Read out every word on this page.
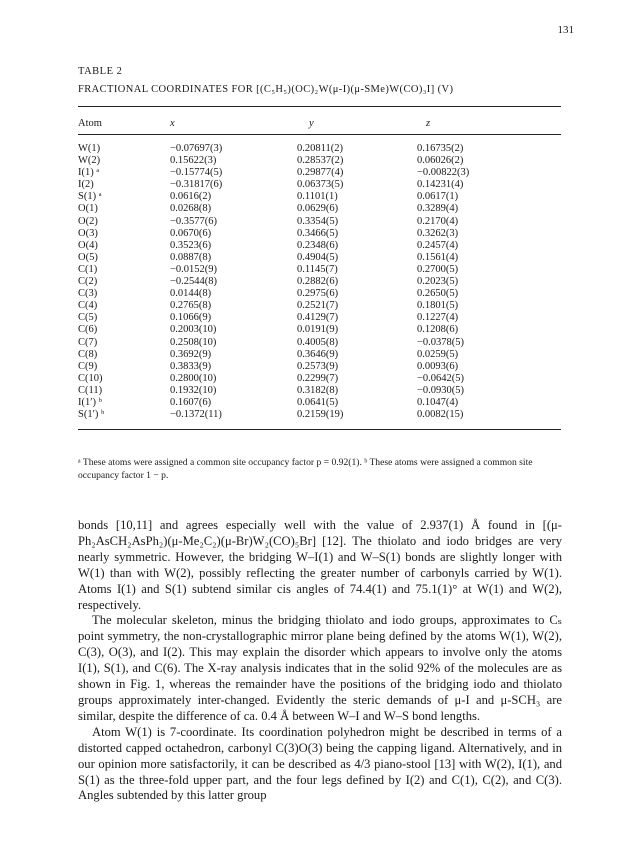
131
TABLE 2
FRACTIONAL COORDINATES FOR [(C₅H₅)(OC)₂W(μ-I)(μ-SMe)W(CO)₃I] (V)
Atom	x	y	z
W(1)	−0.07697(3)	0.20811(2)	0.16735(2)
W(2)	0.15622(3)	0.28537(2)	0.06026(2)
I(1) ᵃ	−0.15774(5)	0.29877(4)	−0.00822(3)
I(2)	−0.31817(6)	0.06373(5)	0.14231(4)
S(1) ᵃ	0.0616(2)	0.1101(1)	0.0617(1)
O(1)	0.0268(8)	0.0629(6)	0.3289(4)
O(2)	−0.3577(6)	0.3354(5)	0.2170(4)
O(3)	0.0670(6)	0.3466(5)	0.3262(3)
O(4)	0.3523(6)	0.2348(6)	0.2457(4)
O(5)	0.0887(8)	0.4904(5)	0.1561(4)
C(1)	−0.0152(9)	0.1145(7)	0.2700(5)
C(2)	−0.2544(8)	0.2882(6)	0.2023(5)
C(3)	0.0144(8)	0.2975(6)	0.2650(5)
C(4)	0.2765(8)	0.2521(7)	0.1801(5)
C(5)	0.1066(9)	0.4129(7)	0.1227(4)
C(6)	0.2003(10)	0.0191(9)	0.1208(6)
C(7)	0.2508(10)	0.4005(8)	−0.0378(5)
C(8)	0.3692(9)	0.3646(9)	0.0259(5)
C(9)	0.3833(9)	0.2573(9)	0.0093(6)
C(10)	0.2800(10)	0.2299(7)	−0.0642(5)
C(11)	0.1932(10)	0.3182(8)	−0.0930(5)
I(1′) ᵇ	0.1607(6)	0.0641(5)	0.1047(4)
S(1′) ᵇ	−0.1372(11)	0.2159(19)	0.0082(15)
ᵃ These atoms were assigned a common site occupancy factor p = 0.92(1). ᵇ These atoms were assigned a common site occupancy factor 1 − p.

bonds [10,11] and agrees especially well with the value of 2.937(1) Å found in [(μ-Ph₂AsCH₂AsPh₂)(μ-Me₂C₂)(μ-Br)W₂(CO)₅Br] [12]. The thiolato and iodo bridges are very nearly symmetric. However, the bridging W–I(1) and W–S(1) bonds are slightly longer with W(1) than with W(2), possibly reflecting the greater number of carbonyls carried by W(1). Atoms I(1) and S(1) subtend similar cis angles of 74.4(1) and 75.1(1)° at W(1) and W(2), respectively.

The molecular skeleton, minus the bridging thiolato and iodo groups, approximates to Cₛ point symmetry, the non-crystallographic mirror plane being defined by the atoms W(1), W(2), C(3), O(3), and I(2). This may explain the disorder which appears to involve only the atoms I(1), S(1), and C(6). The X-ray analysis indicates that in the solid 92% of the molecules are as shown in Fig. 1, whereas the remainder have the positions of the bridging iodo and thiolato groups approximately inter-changed. Evidently the steric demands of μ-I and μ-SCH₃ are similar, despite the difference of ca. 0.4 Å between W–I and W–S bond lengths.

Atom W(1) is 7-coordinate. Its coordination polyhedron might be described in terms of a distorted capped octahedron, carbonyl C(3)O(3) being the capping ligand. Alternatively, and in our opinion more satisfactorily, it can be described as 4/3 piano-stool [13] with W(2), I(1), and S(1) as the three-fold upper part, and the four legs defined by I(2) and C(1), C(2), and C(3). Angles subtended by this latter group
